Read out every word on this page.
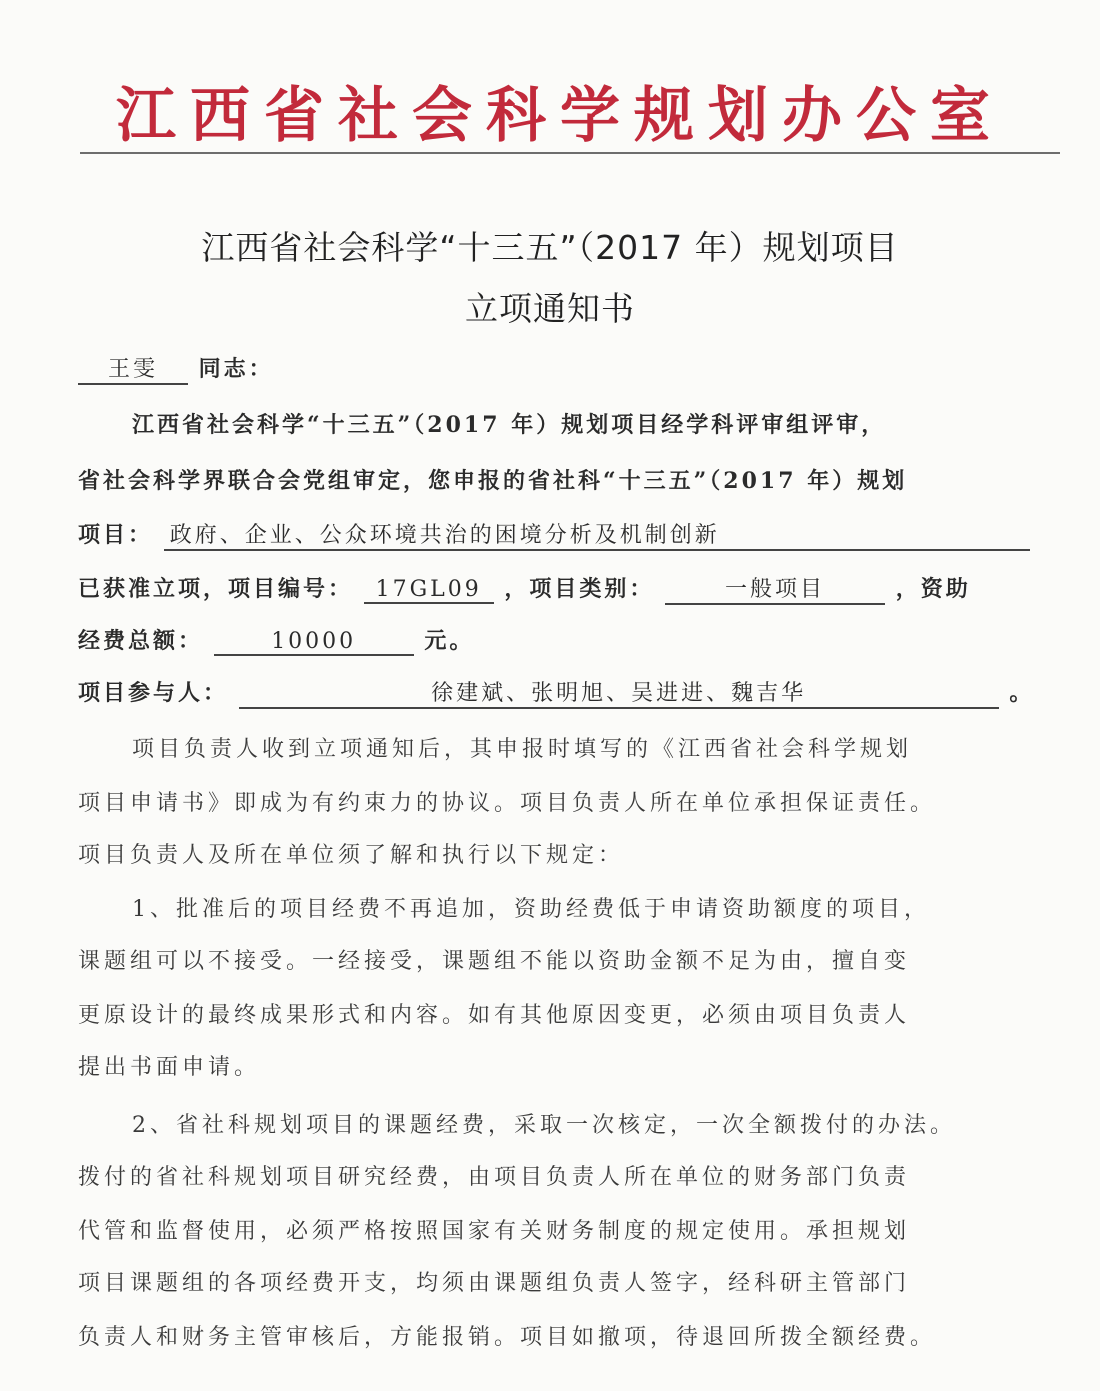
江西省社会科学规划办公室
江西省社会科学“十三五”（2017 年）规划项目
立项通知书
王雯 同志：
江西省社会科学“十三五”（2017 年）规划项目经学科评审组评审，
省社会科学界联合会党组审定，您申报的省社科“十三五”（2017 年）规划
项目： 政府、企业、公众环境共治的困境分析及机制创新
已获准立项，项目编号： 17GL09 ，项目类别：	一般项目	，资助
经费总额：	10000	元。
项目参与人：	徐建斌、张明旭、吴进进、魏吉华	。
项目负责人收到立项通知后，其申报时填写的《江西省社会科学规划
项目申请书》即成为有约束力的协议。项目负责人所在单位承担保证责任。
项目负责人及所在单位须了解和执行以下规定：
1、批准后的项目经费不再追加，资助经费低于申请资助额度的项目，
课题组可以不接受。一经接受，课题组不能以资助金额不足为由，擅自变
更原设计的最终成果形式和内容。如有其他原因变更，必须由项目负责人
提出书面申请。
2、省社科规划项目的课题经费，采取一次核定，一次全额拨付的办法。
拨付的省社科规划项目研究经费，由项目负责人所在单位的财务部门负责
代管和监督使用，必须严格按照国家有关财务制度的规定使用。承担规划
项目课题组的各项经费开支，均须由课题组负责人签字，经科研主管部门
负责人和财务主管审核后，方能报销。项目如撤项，待退回所拨全额经费。
